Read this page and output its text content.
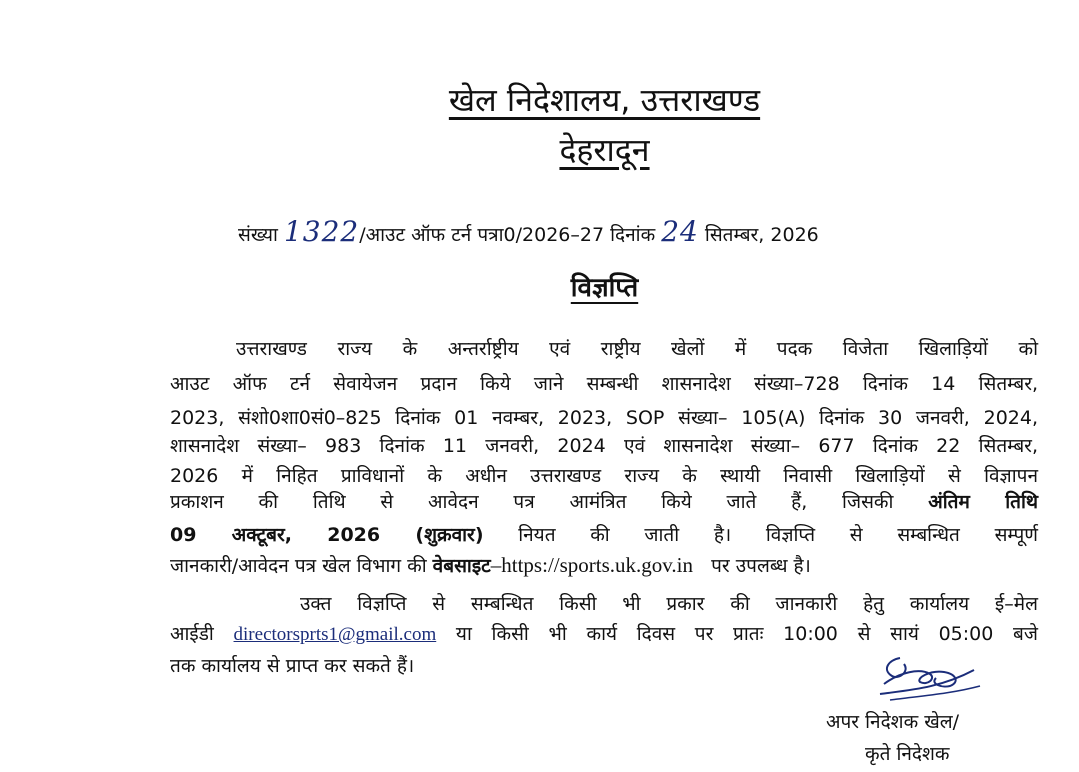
खेल निदेशालय, उत्तराखण्ड
देहरादून
संख्या 1322/आउट ऑफ टर्न पत्रा0/2026–27 दिनांक 24 सितम्बर, 2026
विज्ञप्ति
उत्तराखण्ड राज्य के अन्तर्राष्ट्रीय एवं राष्ट्रीय खेलों में पदक विजेता खिलाड़ियों को
आउट ऑफ टर्न सेवायेजन प्रदान किये जाने सम्बन्धी शासनादेश संख्या–728 दिनांक 14 सितम्बर,
2023, संशो0शा0सं0–825 दिनांक 01 नवम्बर, 2023, SOP संख्या– 105(A) दिनांक 30 जनवरी, 2024,
शासनादेश संख्या– 983 दिनांक 11 जनवरी, 2024 एवं शासनादेश संख्या– 677 दिनांक 22 सितम्बर,
2026 में निहित प्राविधानों के अधीन उत्तराखण्ड राज्य के स्थायी निवासी खिलाड़ियों से विज्ञापन
प्रकाशन की तिथि से आवेदन पत्र आमंत्रित किये जाते हैं, जिसकी अंतिम तिथि
09 अक्टूबर, 2026 (शुक्रवार) नियत की जाती है। विज्ञप्ति से सम्बन्धित सम्पूर्ण
जानकारी/आवेदन पत्र खेल विभाग की वेबसाइट–https://sports.uk.gov.in पर उपलब्ध है।
उक्त विज्ञप्ति से सम्बन्धित किसी भी प्रकार की जानकारी हेतु कार्यालय ई–मेल
आईडी directorsprts1@gmail.com या किसी भी कार्य दिवस पर प्रातः 10:00 से सायं 05:00 बजे
तक कार्यालय से प्राप्त कर सकते हैं।
अपर निदेशक खेल/
कृते निदेशक
